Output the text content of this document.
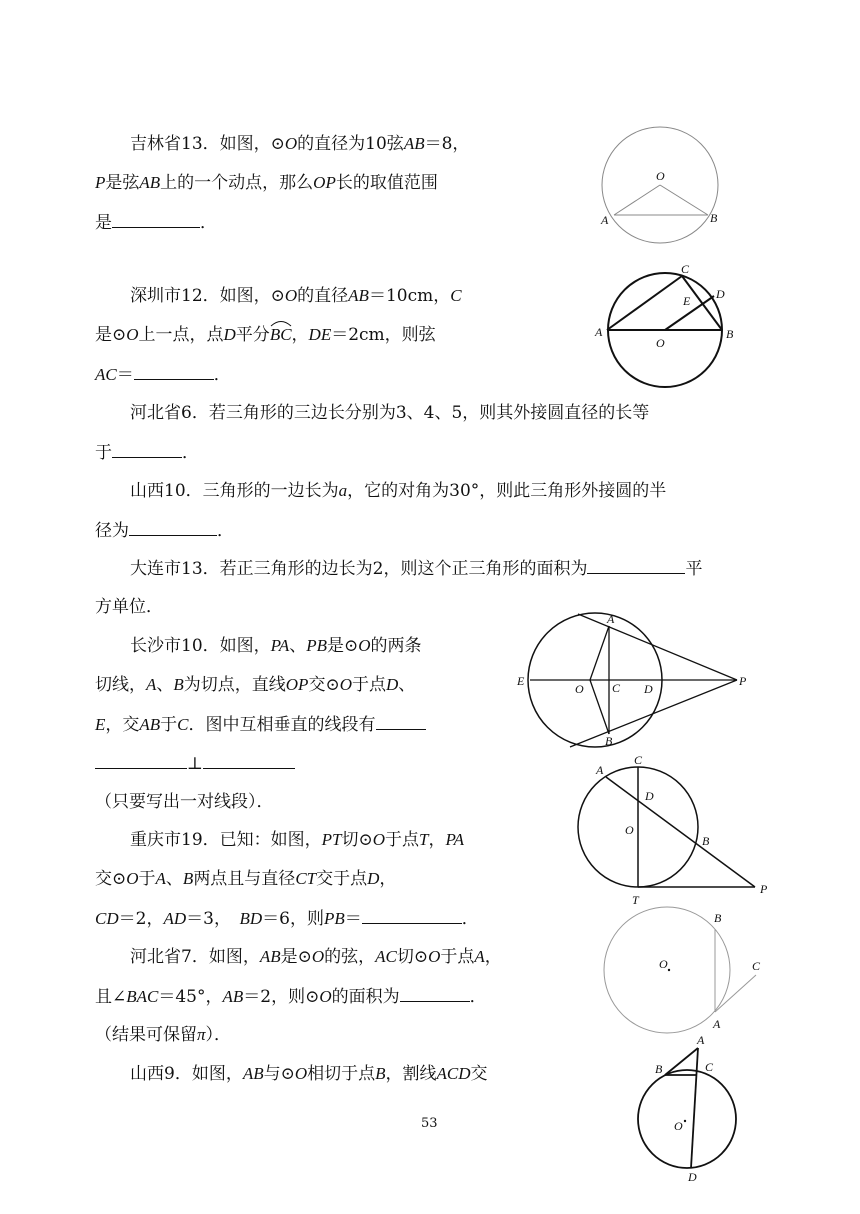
吉林省13．如图，⊙O的直径为10弦AB＝8，
P是弦AB上的一个动点，那么OP长的取值范围
是	．
深圳市12．如图，⊙O的直径AB＝10cm，C
是⊙O上一点，点D平分BC
，DE＝2cm，则弦
AC＝	．
河北省6．若三角形的三边长分别为3、4、5，则其外接圆直径的长等
于	．
山西10．三角形的一边长为a，它的对角为30°，则此三角形外接圆的半
径为	．
大连市13．若正三角形的边长为2，则这个正三角形的面积为	平
方单位．
长沙市10．如图，PA、PB是⊙O的两条
切线，A、B为切点，直线OP交⊙O于点D、
E，交AB于C．图中互相垂直的线段有
⊥
（只要写出一对线段）．
重庆市19．已知：如图，PT切⊙O于点T，PA
交⊙O于A、B两点且与直径CT交于点D，
CD＝2，AD＝3，　BD＝6，则PB＝	．
河北省7．如图，AB是⊙O的弦，AC切⊙O于点A，
且∠BAC＝45°，AB＝2，则⊙O的面积为	．
（结果可保留π）．
山西9．如图，AB与⊙O相切于点B，割线ACD交
O
A	B
C
E D
A
O
B
A
E
O C D
P
B
C
A
D
O
B
T
P
B
O	C
A
A
B	C
O
D
53
